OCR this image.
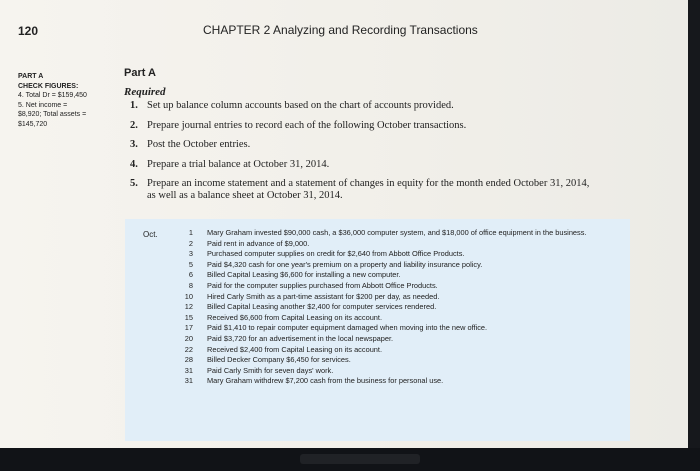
120	CHAPTER 2 Analyzing and Recording Transactions
PART A
CHECK FIGURES:
4. Total Dr = $159,450
5. Net income =
$8,920; Total assets =
$145,720
Part A
Required
1. Set up balance column accounts based on the chart of accounts provided.
2. Prepare journal entries to record each of the following October transactions.
3. Post the October entries.
4. Prepare a trial balance at October 31, 2014.
5. Prepare an income statement and a statement of changes in equity for the month ended October 31, 2014, as well as a balance sheet at October 31, 2014.
Oct.	1 Mary Graham invested $90,000 cash, a $36,000 computer system, and $18,000 of office equipment in the business.
2 Paid rent in advance of $9,000.
3 Purchased computer supplies on credit for $2,640 from Abbott Office Products.
5 Paid $4,320 cash for one year's premium on a property and liability insurance policy.
6 Billed Capital Leasing $6,600 for installing a new computer.
8 Paid for the computer supplies purchased from Abbott Office Products.
10 Hired Carly Smith as a part-time assistant for $200 per day, as needed.
12 Billed Capital Leasing another $2,400 for computer services rendered.
15 Received $6,600 from Capital Leasing on its account.
17 Paid $1,410 to repair computer equipment damaged when moving into the new office.
20 Paid $3,720 for an advertisement in the local newspaper.
22 Received $2,400 from Capital Leasing on its account.
28 Billed Decker Company $6,450 for services.
31 Paid Carly Smith for seven days' work.
31 Mary Graham withdrew $7,200 cash from the business for personal use.
